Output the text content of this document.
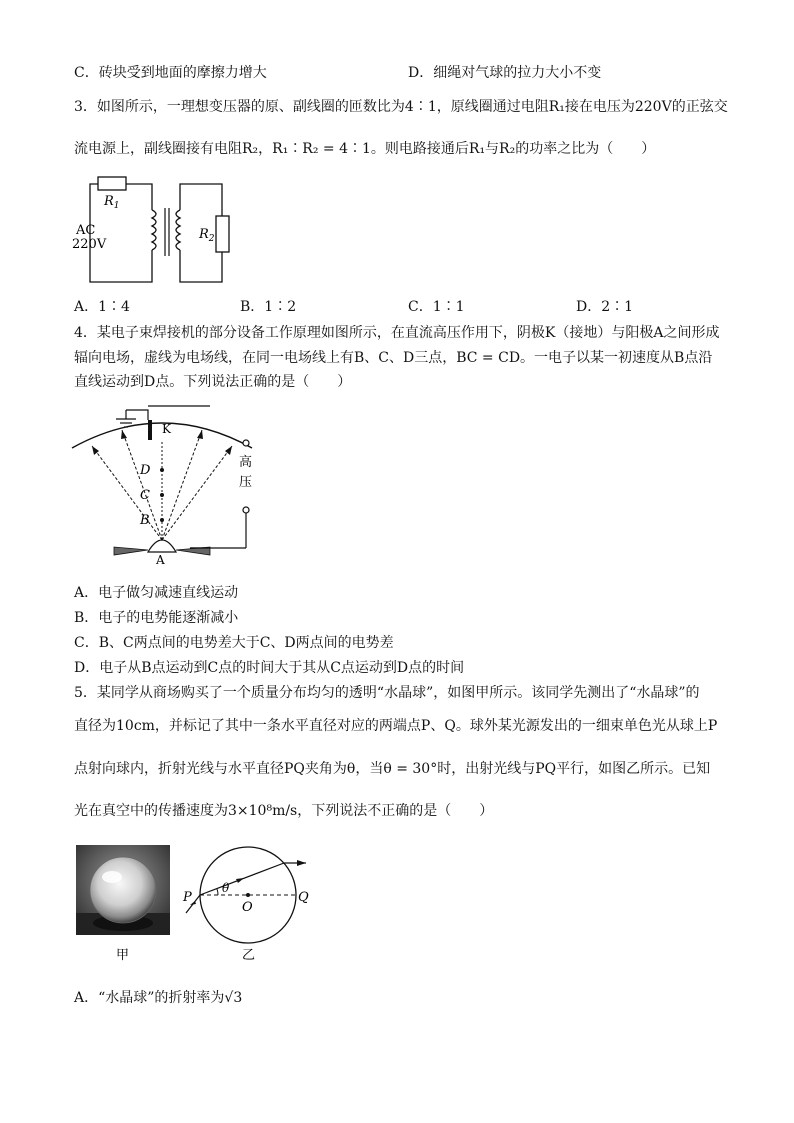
C．砖块受到地面的摩擦力增大	D．细绳对气球的拉力大小不变
3．如图所示，一理想变压器的原、副线圈的匝数比为4∶1，原线圈通过电阻R₁接在电压为220V的正弦交
流电源上，副线圈接有电阻R₂，R₁∶R₂ = 4∶1。则电路接通后R₁与R₂的功率之比为（　　）
$R_1$
$R_2$
AC
220V
A．1∶4	B．1∶2	C．1∶1	D．2∶1
4．某电子束焊接机的部分设备工作原理如图所示，在直流高压作用下，阴极K（接地）与阳极A之间形成
辐向电场，虚线为电场线，在同一电场线上有B、C、D三点，BC = CD。一电子以某一初速度从B点沿
直线运动到D点。下列说法正确的是（　　）
K
高
压
D
C
B
A
A．电子做匀减速直线运动
B．电子的电势能逐渐减小
C．B、C两点间的电势差大于C、D两点间的电势差
D．电子从B点运动到C点的时间大于其从C点运动到D点的时间
5．某同学从商场购买了一个质量分布均匀的透明“水晶球”，如图甲所示。该同学先测出了“水晶球”的
直径为10cm，并标记了其中一条水平直径对应的两端点P、Q。球外某光源发出的一细束单色光从球上P
点射向球内，折射光线与水平直径PQ夹角为θ，当θ = 30°时，出射光线与PQ平行，如图乙所示。已知
光在真空中的传播速度为3×10⁸m/s，下列说法不正确的是（　　）
甲
P
θ
O
Q
乙
A．“水晶球”的折射率为√3
